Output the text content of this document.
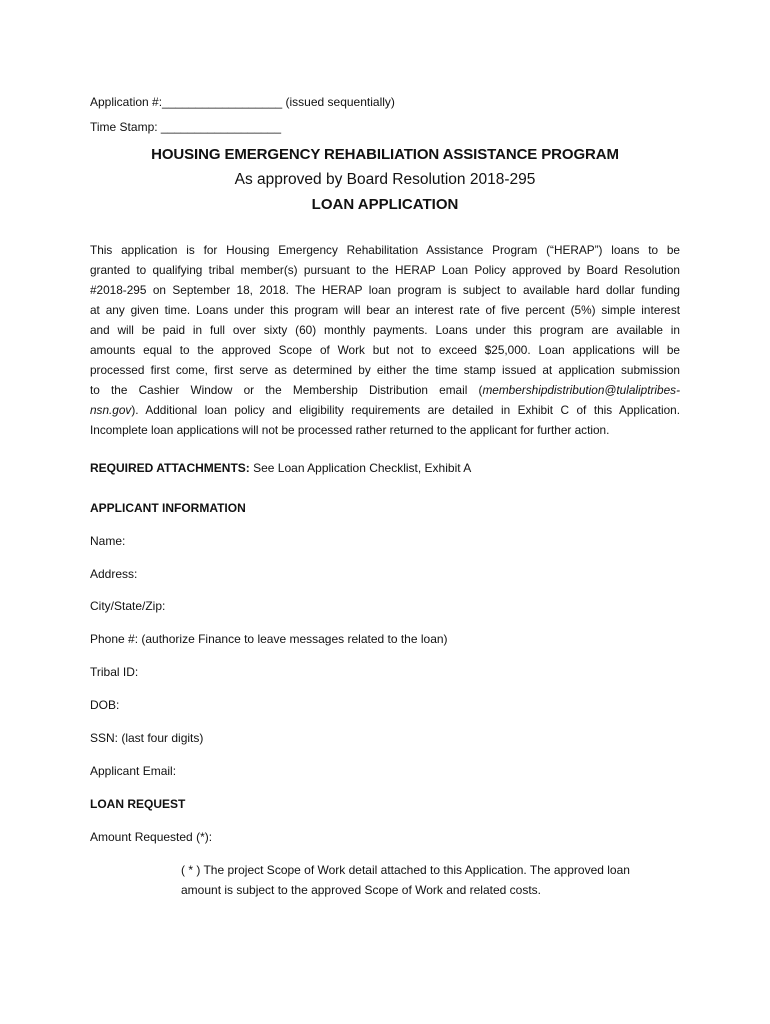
Application #:__________________ (issued sequentially)
Time Stamp: __________________
HOUSING EMERGENCY REHABILIATION ASSISTANCE PROGRAM
As approved by Board Resolution 2018-295
LOAN APPLICATION
This application is for Housing Emergency Rehabilitation Assistance Program (“HERAP”) loans to be
granted to qualifying tribal member(s) pursuant to the HERAP Loan Policy approved by Board Resolution
#2018-295 on September 18, 2018. The HERAP loan program is subject to available hard dollar funding
at any given time. Loans under this program will bear an interest rate of five percent (5%) simple interest
and will be paid in full over sixty (60) monthly payments. Loans under this program are available in
amounts equal to the approved Scope of Work but not to exceed $25,000. Loan applications will be
processed first come, first serve as determined by either the time stamp issued at application submission
to the Cashier Window or the Membership Distribution email (membershipdistribution@tulaliptribes-
nsn.gov). Additional loan policy and eligibility requirements are detailed in Exhibit C of this Application.
Incomplete loan applications will not be processed rather returned to the applicant for further action.
REQUIRED ATTACHMENTS: See Loan Application Checklist, Exhibit A
APPLICANT INFORMATION
Name:
Address:
City/State/Zip:
Phone #: (authorize Finance to leave messages related to the loan)
Tribal ID:
DOB:
SSN: (last four digits)
Applicant Email:
LOAN REQUEST
Amount Requested (*):
( * ) The project Scope of Work detail attached to this Application. The approved loan
amount is subject to the approved Scope of Work and related costs.
